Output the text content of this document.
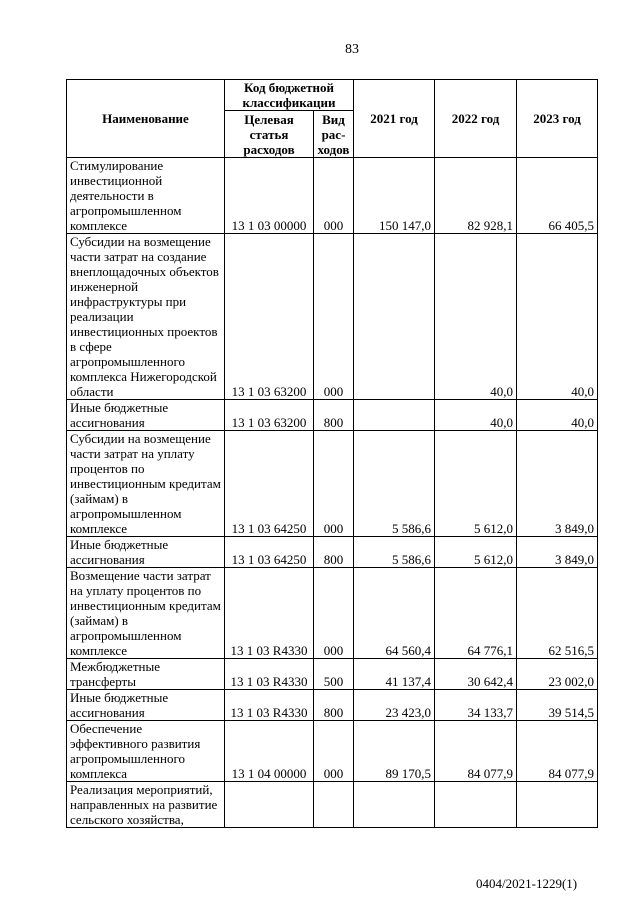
83
Наименование	Код бюджетной классификации		2021 год	2022 год	2023 год
	Целевая статья расходов	Вид рас-ходов			
Стимулирование инвестиционной деятельности в агропромышленном комплексе	13 1 03 00000	000	150 147,0	82 928,1	66 405,5
Субсидии на возмещение части затрат на создание внеплощадочных объектов инженерной инфраструктуры при реализации инвестиционных проектов в сфере агропромышленного комплекса Нижегородской области	13 1 03 63200	000		40,0	40,0
Иные бюджетные ассигнования	13 1 03 63200	800		40,0	40,0
Субсидии на возмещение части затрат на уплату процентов по инвестиционным кредитам (займам) в агропромышленном комплексе	13 1 03 64250	000	5 586,6	5 612,0	3 849,0
Иные бюджетные ассигнования	13 1 03 64250	800	5 586,6	5 612,0	3 849,0
Возмещение части затрат на уплату процентов по инвестиционным кредитам (займам) в агропромышленном комплексе	13 1 03 R4330	000	64 560,4	64 776,1	62 516,5
Межбюджетные трансферты	13 1 03 R4330	500	41 137,4	30 642,4	23 002,0
Иные бюджетные ассигнования	13 1 03 R4330	800	23 423,0	34 133,7	39 514,5
Обеспечение эффективного развития агропромышленного комплекса	13 1 04 00000	000	89 170,5	84 077,9	84 077,9
Реализация мероприятий, направленных на развитие сельского хозяйства,					
0404/2021-1229(1)
